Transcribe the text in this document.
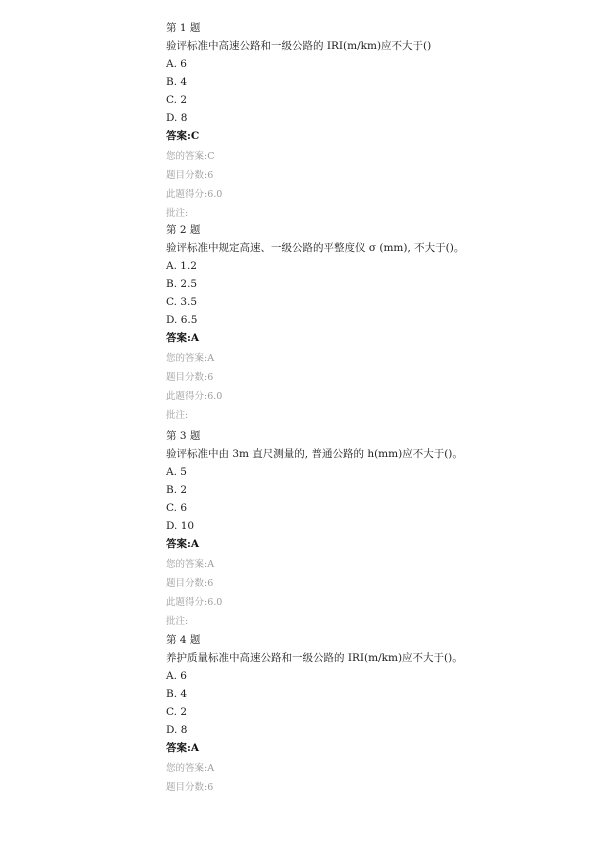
第 1 题
验评标准中高速公路和一级公路的 IRI(m/km)应不大于()
A. 6
B. 4
C. 2
D. 8
答案:C
您的答案:C
题目分数:6
此题得分:6.0
批注:
第 2 题
验评标准中规定高速、一级公路的平整度仪 σ (mm), 不大于()。
A. 1.2
B. 2.5
C. 3.5
D. 6.5
答案:A
您的答案:A
题目分数:6
此题得分:6.0
批注:
第 3 题
验评标准中由 3m 直尺测量的, 普通公路的 h(mm)应不大于()。
A. 5
B. 2
C. 6
D. 10
答案:A
您的答案:A
题目分数:6
此题得分:6.0
批注:
第 4 题
养护质量标准中高速公路和一级公路的 IRI(m/km)应不大于()。
A. 6
B. 4
C. 2
D. 8
答案:A
您的答案:A
题目分数:6
